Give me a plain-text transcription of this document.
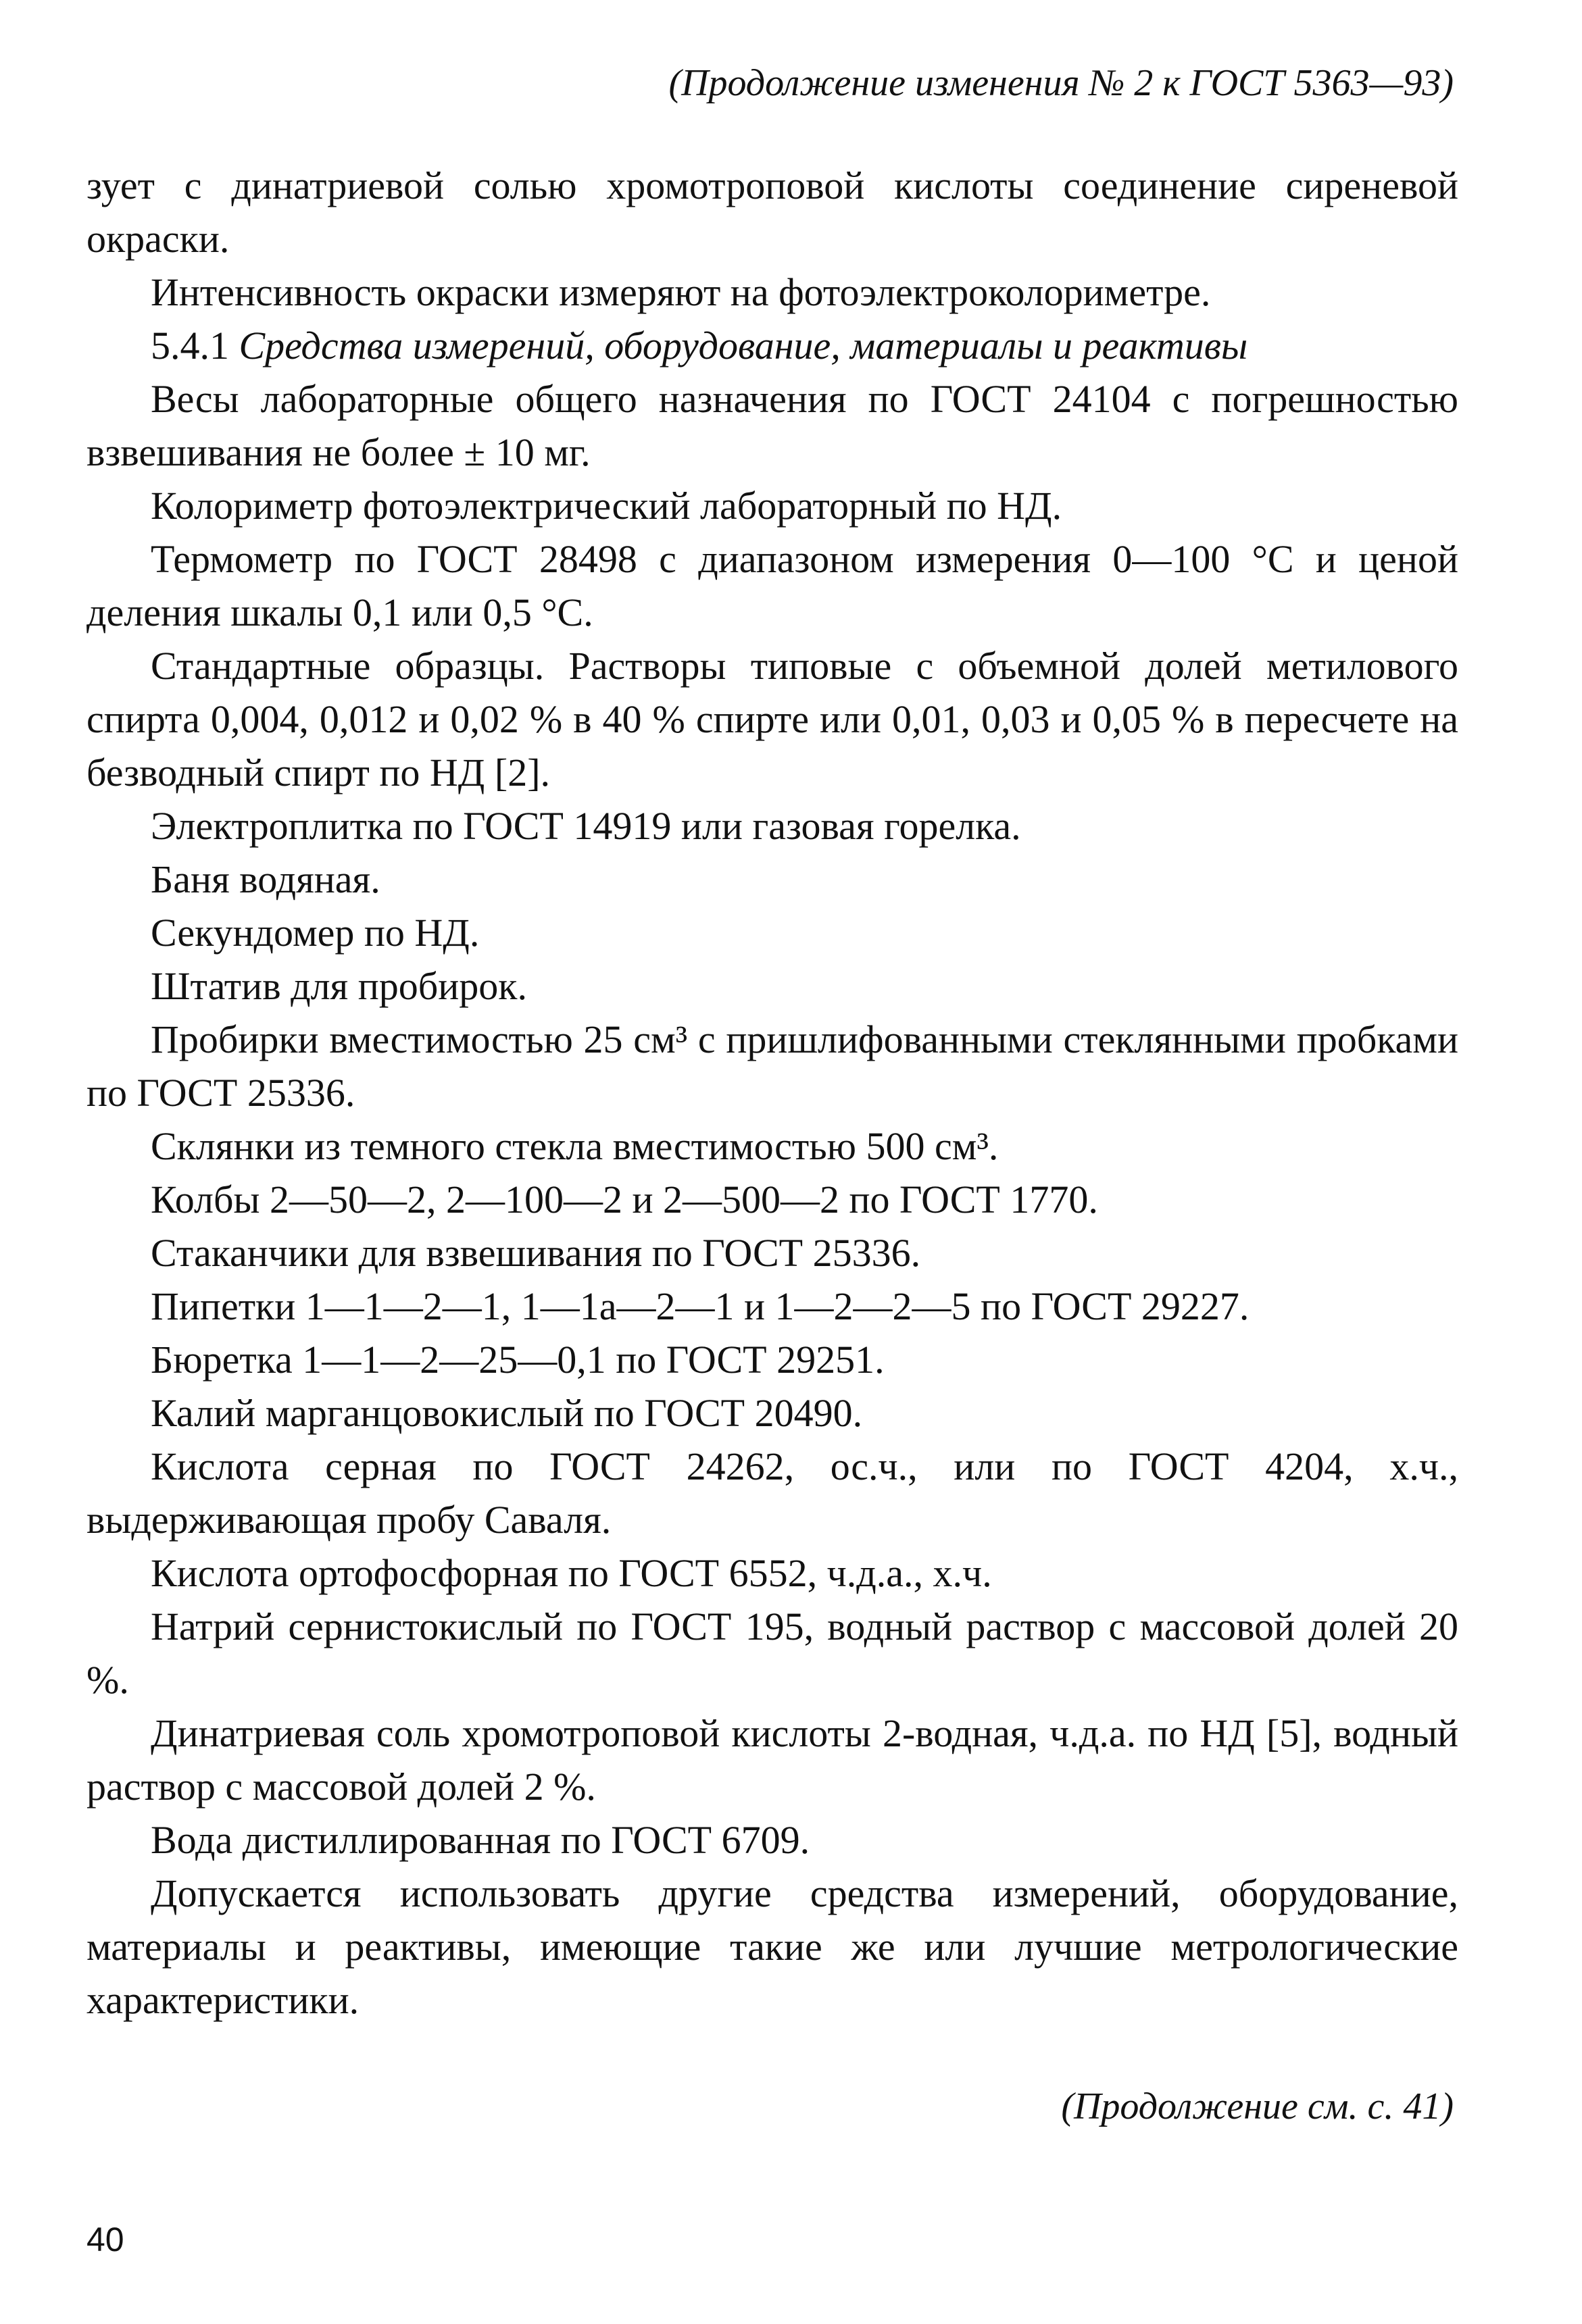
(Продолжение изменения № 2 к ГОСТ 5363—93)

зует с динатриевой солью хромотроповой кислоты соединение сиреневой окраски.

Интенсивность окраски измеряют на фотоэлектроколориметре.

5.4.1 Средства измерений, оборудование, материалы и реактивы

Весы лабораторные общего назначения по ГОСТ 24104 с погрешностью взвешивания не более ± 10 мг.

Колориметр фотоэлектрический лабораторный по НД.

Термометр по ГОСТ 28498 с диапазоном измерения 0—100 °С и ценой деления шкалы 0,1 или 0,5 °С.

Стандартные образцы. Растворы типовые с объемной долей метилового спирта 0,004, 0,012 и 0,02 % в 40 % спирте или 0,01, 0,03 и 0,05 % в пересчете на безводный спирт по НД [2].

Электроплитка по ГОСТ 14919 или газовая горелка.

Баня водяная.

Секундомер по НД.

Штатив для пробирок.

Пробирки вместимостью 25 см³ с пришлифованными стеклянными пробками по ГОСТ 25336.

Склянки из темного стекла вместимостью 500 см³.

Колбы 2—50—2, 2—100—2 и 2—500—2 по ГОСТ 1770.

Стаканчики для взвешивания по ГОСТ 25336.

Пипетки 1—1—2—1, 1—1а—2—1 и 1—2—2—5 по ГОСТ 29227.

Бюретка 1—1—2—25—0,1 по ГОСТ 29251.

Калий марганцовокислый по ГОСТ 20490.

Кислота серная по ГОСТ 24262, ос.ч., или по ГОСТ 4204, х.ч., выдерживающая пробу Саваля.

Кислота ортофосфорная по ГОСТ 6552, ч.д.а., х.ч.

Натрий сернистокислый по ГОСТ 195, водный раствор с массовой долей 20 %.

Динатриевая соль хромотроповой кислоты 2-водная, ч.д.а. по НД [5], водный раствор с массовой долей 2 %.

Вода дистиллированная по ГОСТ 6709.

Допускается использовать другие средства измерений, оборудование, материалы и реактивы, имеющие такие же или лучшие метрологические характеристики.

(Продолжение см. с. 41)
40
